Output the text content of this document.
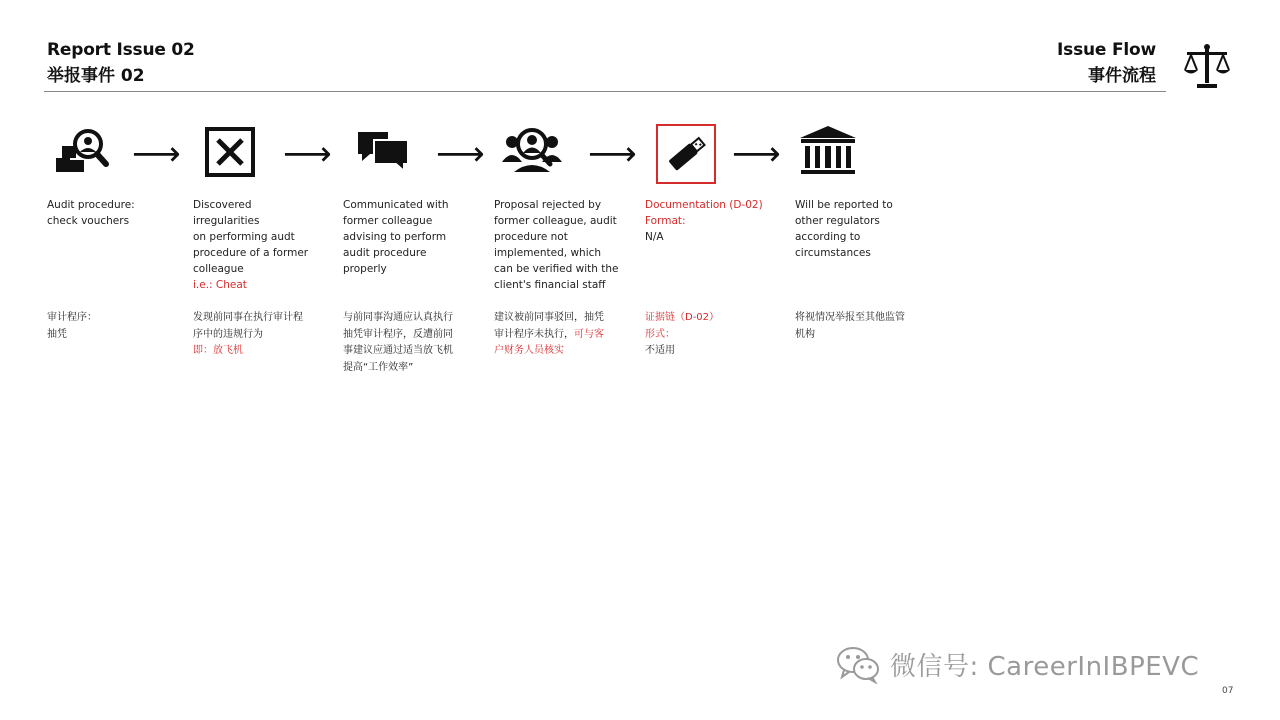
Report Issue 02
举报事件 02
Issue Flow
事件流程
⟶	⟶	⟶	⟶	⟶
Audit procedure:
check vouchers
Discovered irregularities
on performing audt
procedure of a former
colleague
i.e.: Cheat
Communicated with
former colleague
advising to perform
audit procedure
properly
Proposal rejected by
former colleague, audit
procedure not
implemented, which
can be verified with the
client's financial staff
Documentation (D-02)
Format:
N/A
Will be reported to
other regulators
according to
circumstances
审计程序：
抽凭
发现前同事在执行审计程
序中的违规行为
即：放飞机
与前同事沟通应认真执行
抽凭审计程序，反遭前同
事建议应通过适当放飞机
提高“工作效率”
建议被前同事驳回，抽凭
审计程序未执行，可与客
户财务人员核实
证据链（D-02）
形式：
不适用
将视情况举报至其他监管
机构
微信号: CareerInIBPEVC
07
